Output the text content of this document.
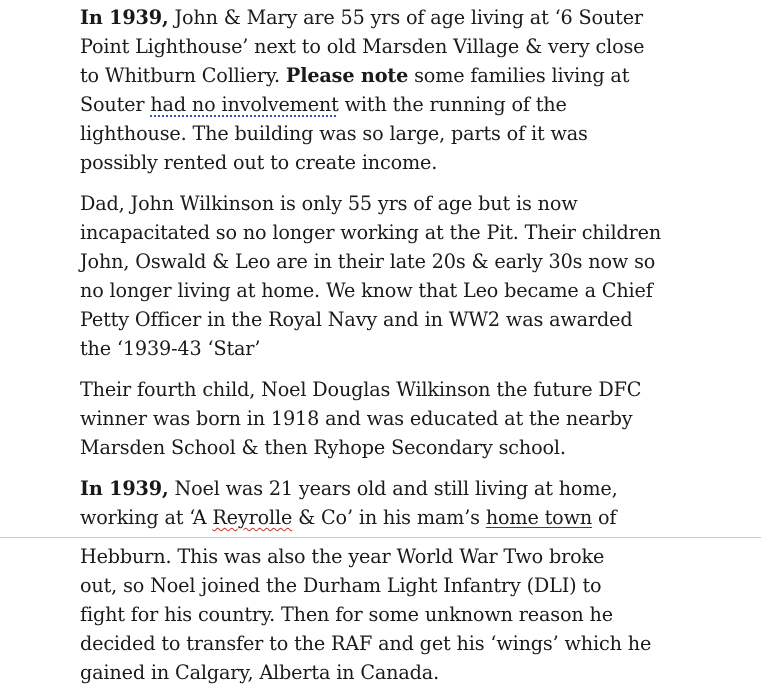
In 1939, John & Mary are 55 yrs of age living at ‘6 Souter
Point Lighthouse’ next to old Marsden Village & very close
to Whitburn Colliery. Please note some families living at
Souter had no involvement with the running of the
lighthouse. The building was so large, parts of it was
possibly rented out to create income.

Dad, John Wilkinson is only 55 yrs of age but is now
incapacitated so no longer working at the Pit. Their children
John, Oswald & Leo are in their late 20s & early 30s now so
no longer living at home. We know that Leo became a Chief
Petty Officer in the Royal Navy and in WW2 was awarded
the ‘1939-43 ‘Star’

Their fourth child, Noel Douglas Wilkinson the future DFC
winner was born in 1918 and was educated at the nearby
Marsden School & then Ryhope Secondary school.

In 1939, Noel was 21 years old and still living at home,
working at ‘A Reyrolle & Co’ in his mam’s home town of

Hebburn. This was also the year World War Two broke
out, so Noel joined the Durham Light Infantry (DLI) to
fight for his country. Then for some unknown reason he
decided to transfer to the RAF and get his ‘wings’ which he
gained in Calgary, Alberta in Canada.
